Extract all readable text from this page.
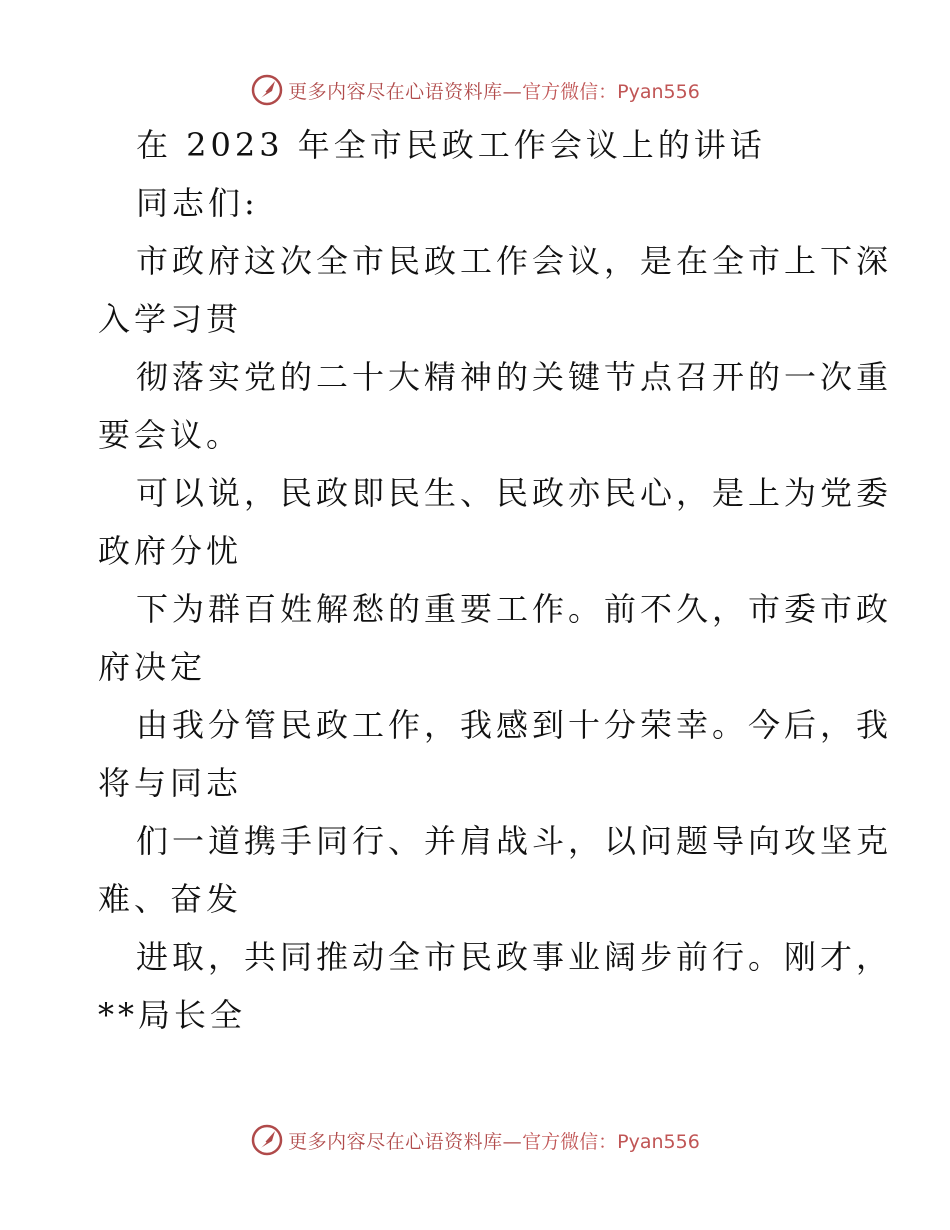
更多内容尽在心语资料库— 官方微信：Pyan556
在 2023 年全市民政工作会议上的讲话
同志们:
市政府这次全市民政工作会议，是在全市上下深
入学习贯
彻落实党的二十大精神的关键节点召开的一次重
要会议。
可以说，民政即民生、民政亦民心，是上为党委
政府分忧
下为群百姓解愁的重要工作。前不久，市委市政
府决定
由我分管民政工作，我感到十分荣幸。今后，我
将与同志
们一道携手同行、并肩战斗，以问题导向攻坚克
难、奋发
进取，共同推动全市民政事业阔步前行。刚才，
**局长全
更多内容尽在心语资料库— 官方微信：Pyan556
